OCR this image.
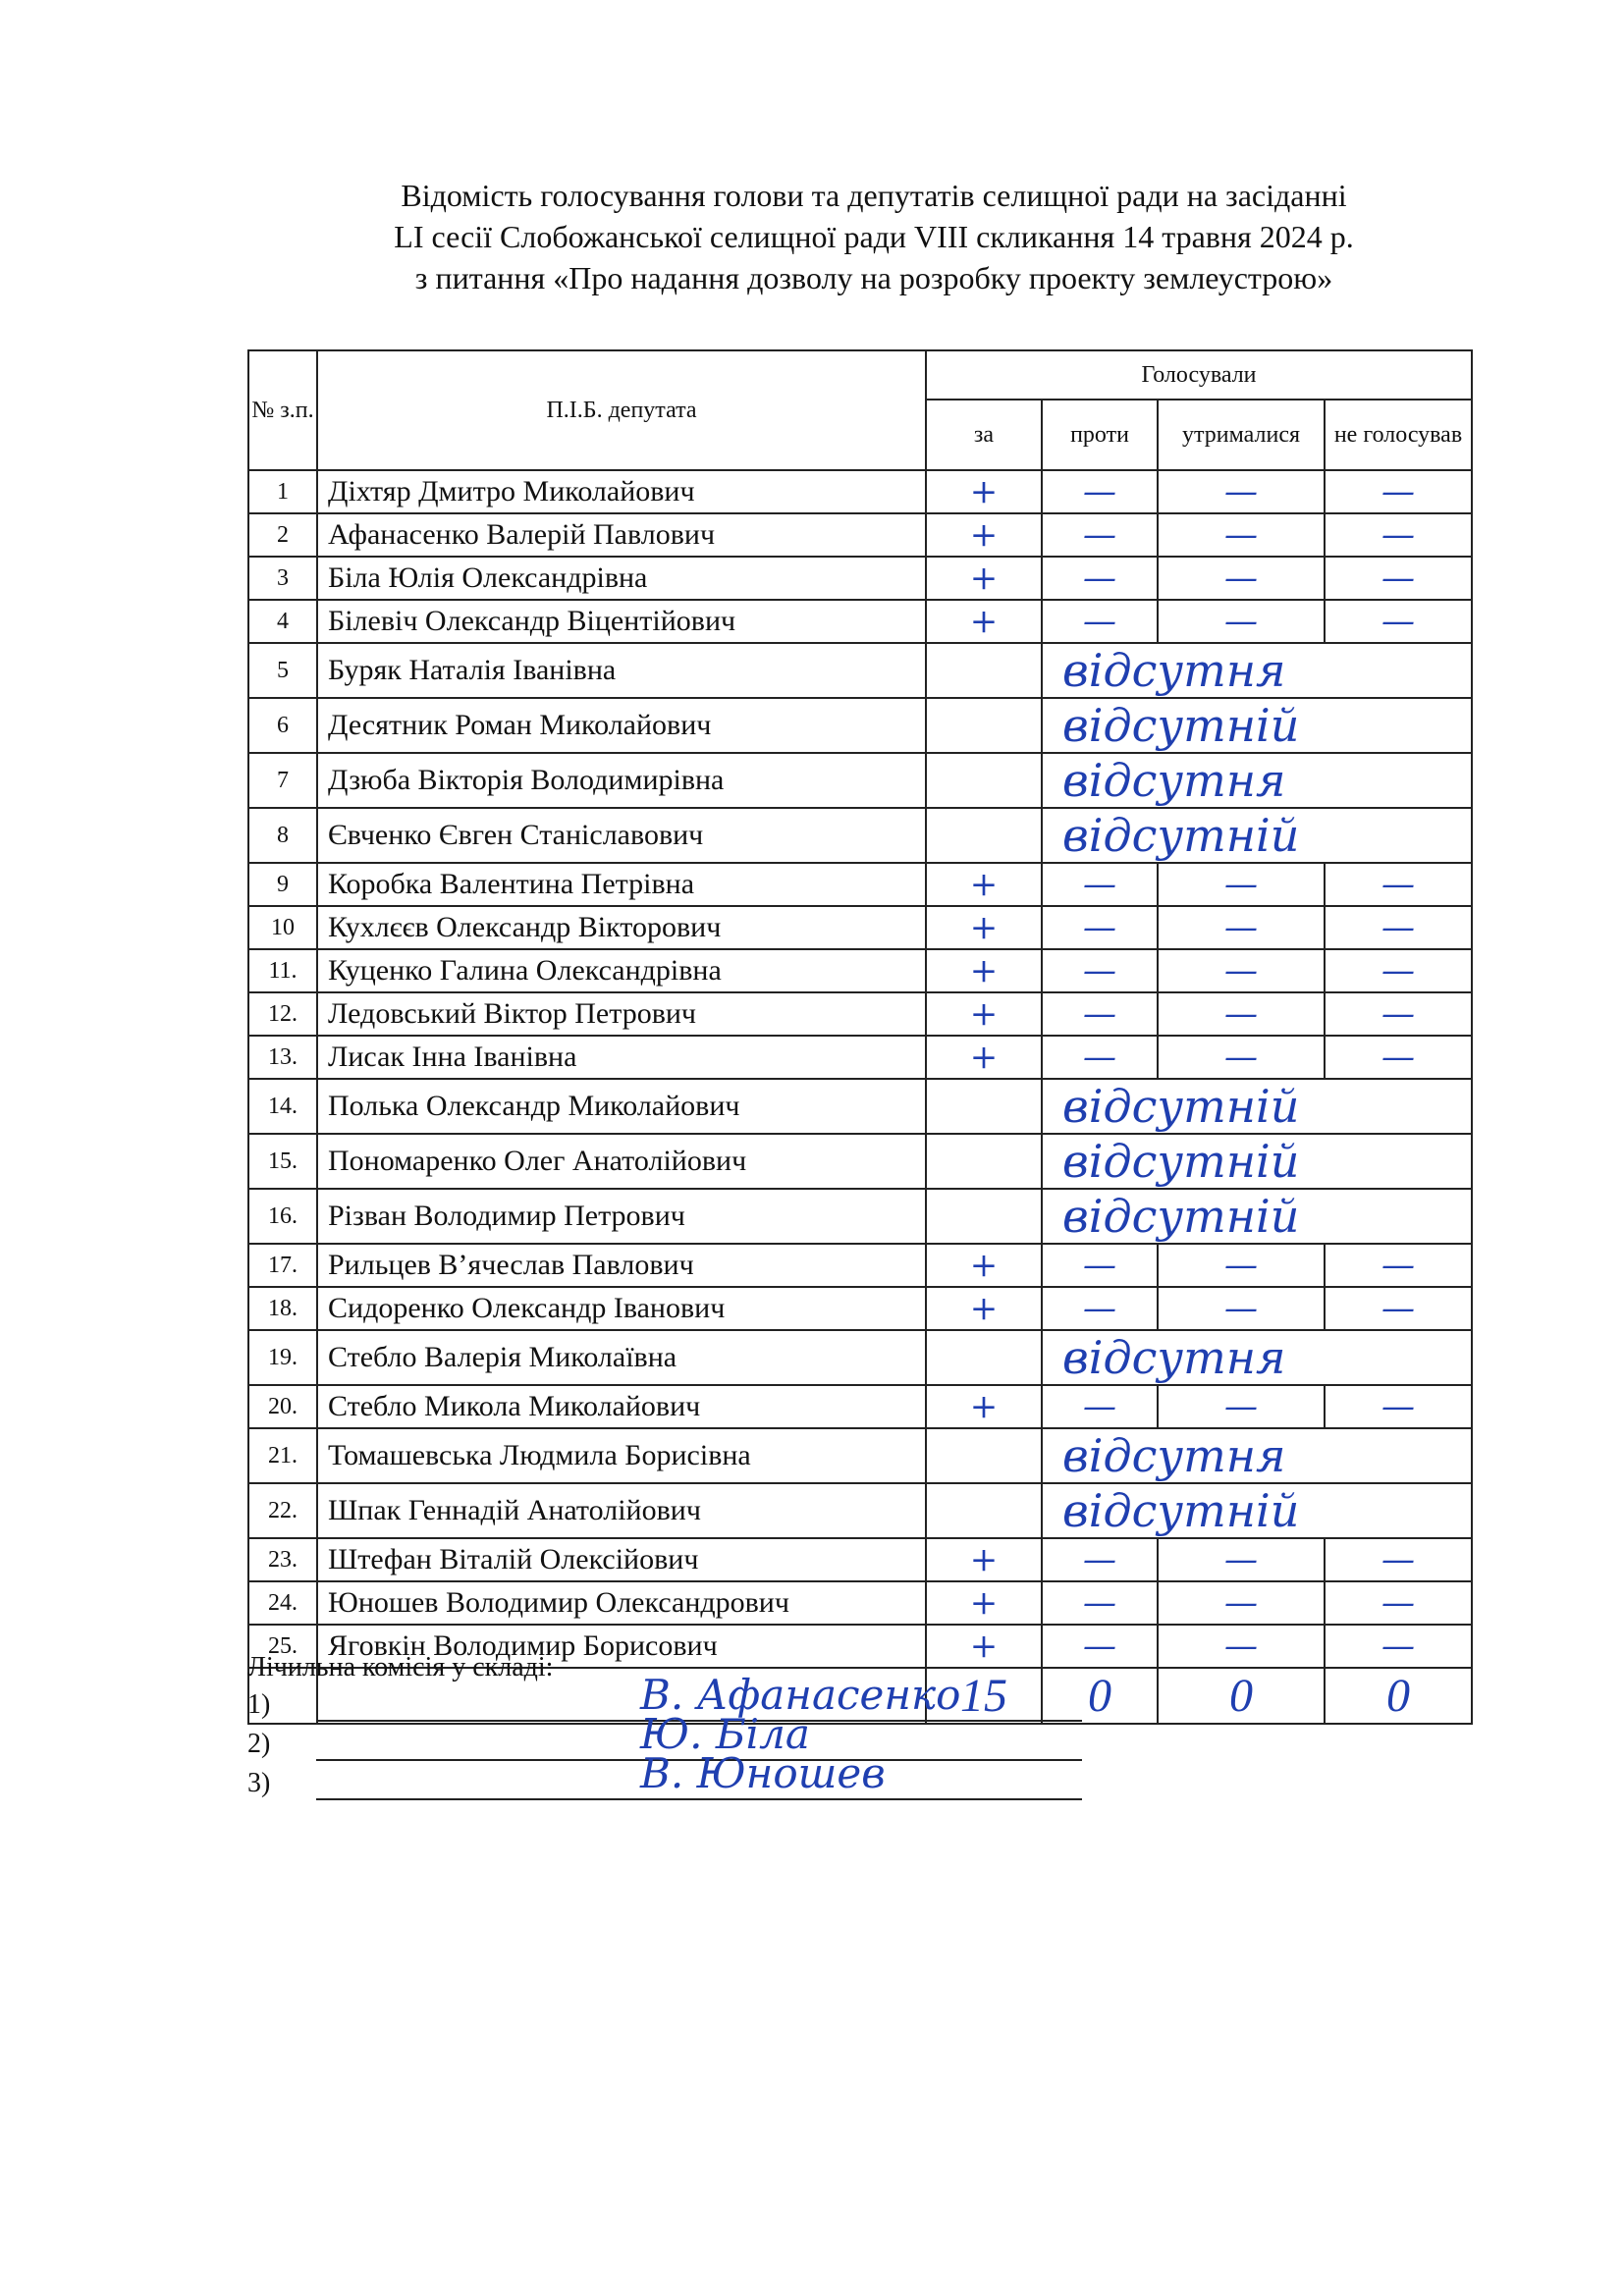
Відомість голосування голови та депутатів селищної ради на засіданні
LI сесії Слобожанської селищної ради VIII скликання 14 травня 2024 р.
з питання «Про надання дозволу на розробку проекту землеустрою»
№ з.п.	П.І.Б. депутата	Голосували			
		за	проти	утрималися	не голосував
1	Діхтяр Дмитро Миколайович	+	—	—	—
2	Афанасенко Валерій Павлович	+	—	—	—
3	Біла Юлія Олександрівна	+	—	—	—
4	Білевіч Олександр Віцентійович	+	—	—	—
5	Буряк Наталія Іванівна		відсутня		
6	Десятник Роман Миколайович		відсутній		
7	Дзюба Вікторія Володимирівна		відсутня		
8	Євченко Євген Станіславович		відсутній		
9	Коробка Валентина Петрівна	+	—	—	—
10	Кухлєєв Олександр Вікторович	+	—	—	—
11.	Куценко Галина Олександрівна	+	—	—	—
12.	Ледовський Віктор Петрович	+	—	—	—
13.	Лисак Інна Іванівна	+	—	—	—
14.	Полька Олександр Миколайович		відсутній		
15.	Пономаренко Олег Анатолійович		відсутній		
16.	Різван Володимир Петрович		відсутній		
17.	Рильцев В’ячеслав Павлович	+	—	—	—
18.	Сидоренко Олександр Іванович	+	—	—	—
19.	Стебло Валерія Миколаївна		відсутня		
20.	Стебло Микола Миколайович	+	—	—	—
21.	Томашевська Людмила Борисівна		відсутня		
22.	Шпак Геннадій Анатолійович		відсутній		
23.	Штефан Віталій Олексійович	+	—	—	—
24.	Юношев Володимир Олександрович	+	—	—	—
25.	Яговкін Володимир Борисович	+	—	—	—
		15	0	0	0
Лічильна комісія у складі:
1)	В. Афанасенко
2)	Ю. Біла
3)	В. Юношев
